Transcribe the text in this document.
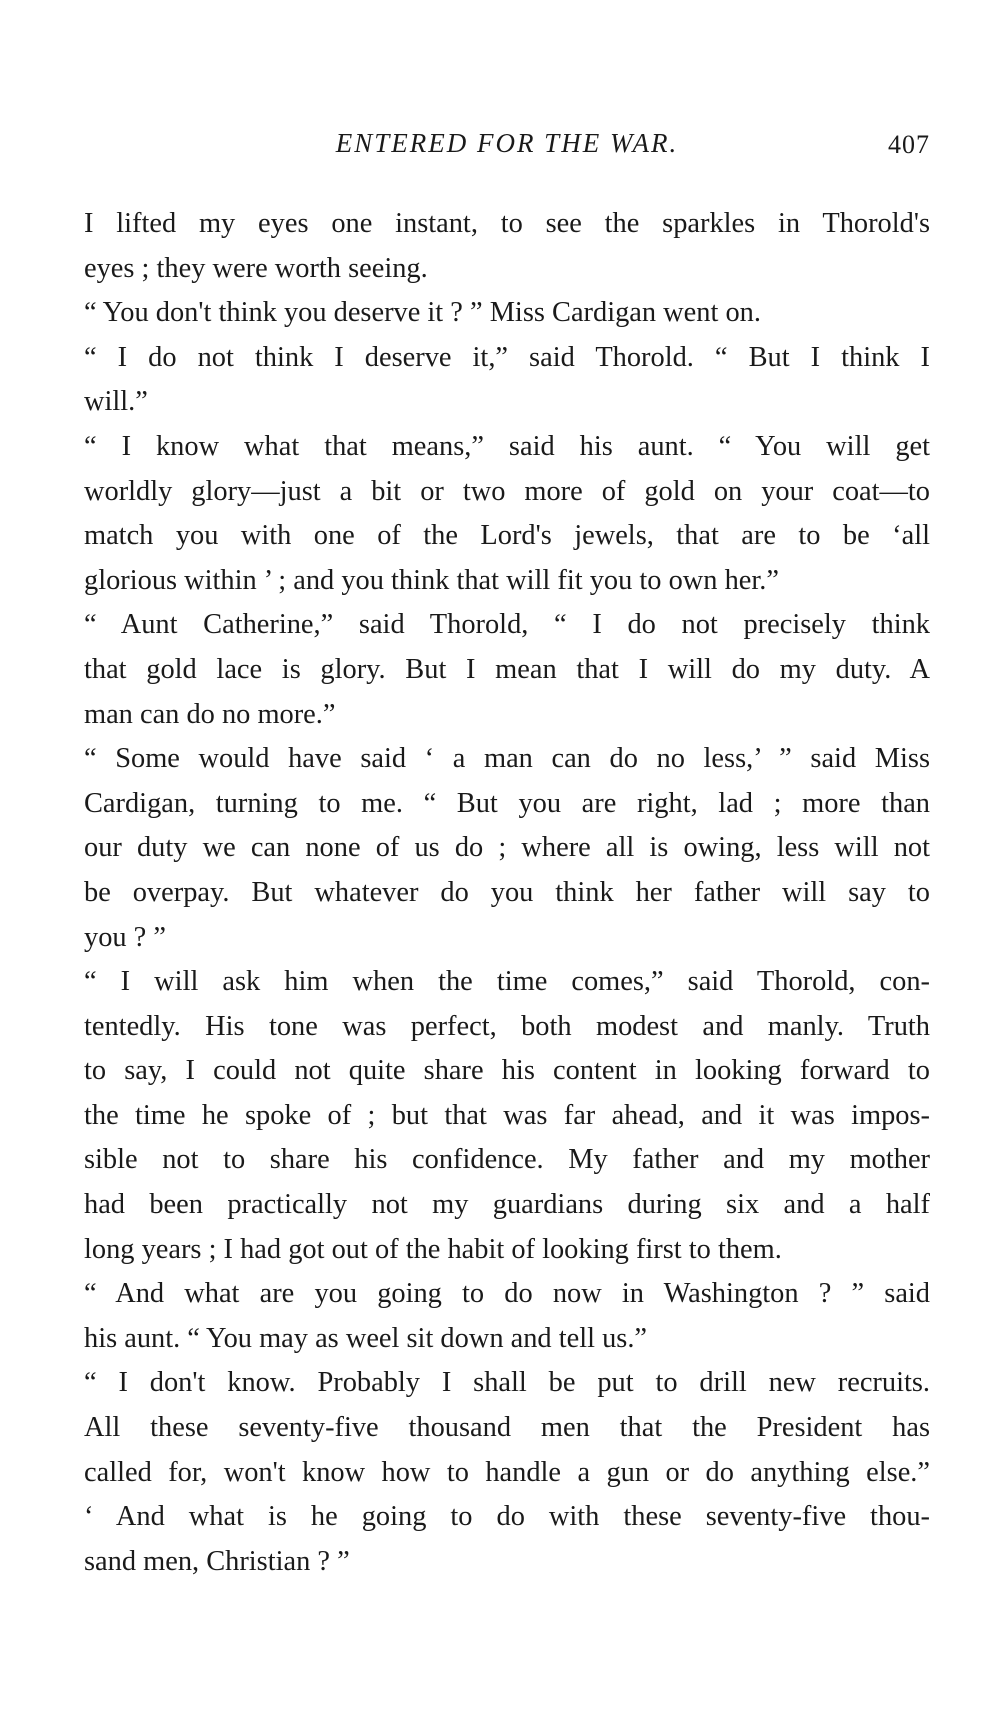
ENTERED FOR THE WAR.	407
I lifted my eyes one instant, to see the sparkles in Thorold's
eyes ; they were worth seeing.
“ You don't think you deserve it ? ” Miss Cardigan went on.
“ I do not think I deserve it,” said Thorold. “ But I think I
will.”
“ I know what that means,” said his aunt. “ You will get
worldly glory—just a bit or two more of gold on your coat—to
match you with one of the Lord's jewels, that are to be ‘all
glorious within ’ ; and you think that will fit you to own her.”
“ Aunt Catherine,” said Thorold, “ I do not precisely think
that gold lace is glory. But I mean that I will do my duty. A
man can do no more.”
“ Some would have said ‘ a man can do no less,’ ” said Miss
Cardigan, turning to me. “ But you are right, lad ; more than
our duty we can none of us do ; where all is owing, less will not
be overpay. But whatever do you think her father will say to
you ? ”
“ I will ask him when the time comes,” said Thorold, con-
tentedly. His tone was perfect, both modest and manly. Truth
to say, I could not quite share his content in looking forward to
the time he spoke of ; but that was far ahead, and it was impos-
sible not to share his confidence. My father and my mother
had been practically not my guardians during six and a half
long years ; I had got out of the habit of looking first to them.
“ And what are you going to do now in Washington ? ” said
his aunt. “ You may as weel sit down and tell us.”
“ I don't know. Probably I shall be put to drill new recruits.
All these seventy-five thousand men that the President has
called for, won't know how to handle a gun or do anything else.”
‘ And what is he going to do with these seventy-five thou-
sand men, Christian ? ”
